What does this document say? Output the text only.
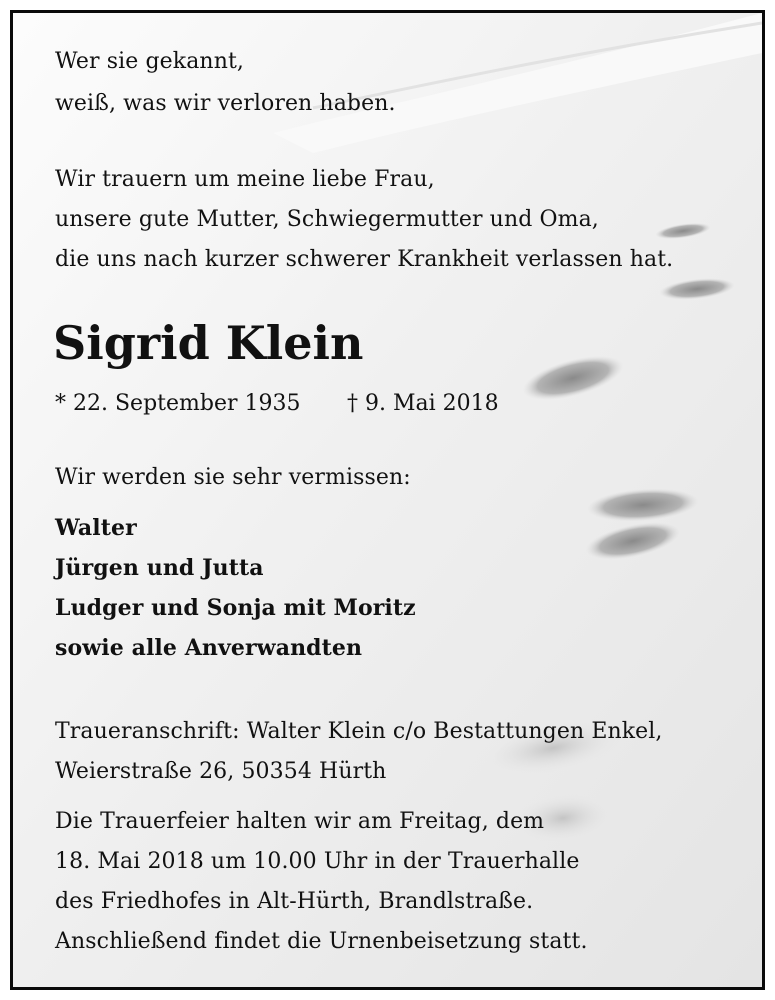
Wer sie gekannt,
weiß, was wir verloren haben.
Wir trauern um meine liebe Frau,
unsere gute Mutter, Schwiegermutter und Oma,
die uns nach kurzer schwerer Krankheit verlassen hat.
Sigrid Klein
* 22. September 1935 † 9. Mai 2018
Wir werden sie sehr vermissen:
Walter
Jürgen und Jutta
Ludger und Sonja mit Moritz
sowie alle Anverwandten
Traueranschrift: Walter Klein c/o Bestattungen Enkel,
Weierstraße 26, 50354 Hürth
Die Trauerfeier halten wir am Freitag, dem
18. Mai 2018 um 10.00 Uhr in der Trauerhalle
des Friedhofes in Alt-Hürth, Brandlstraße.
Anschließend findet die Urnenbeisetzung statt.
